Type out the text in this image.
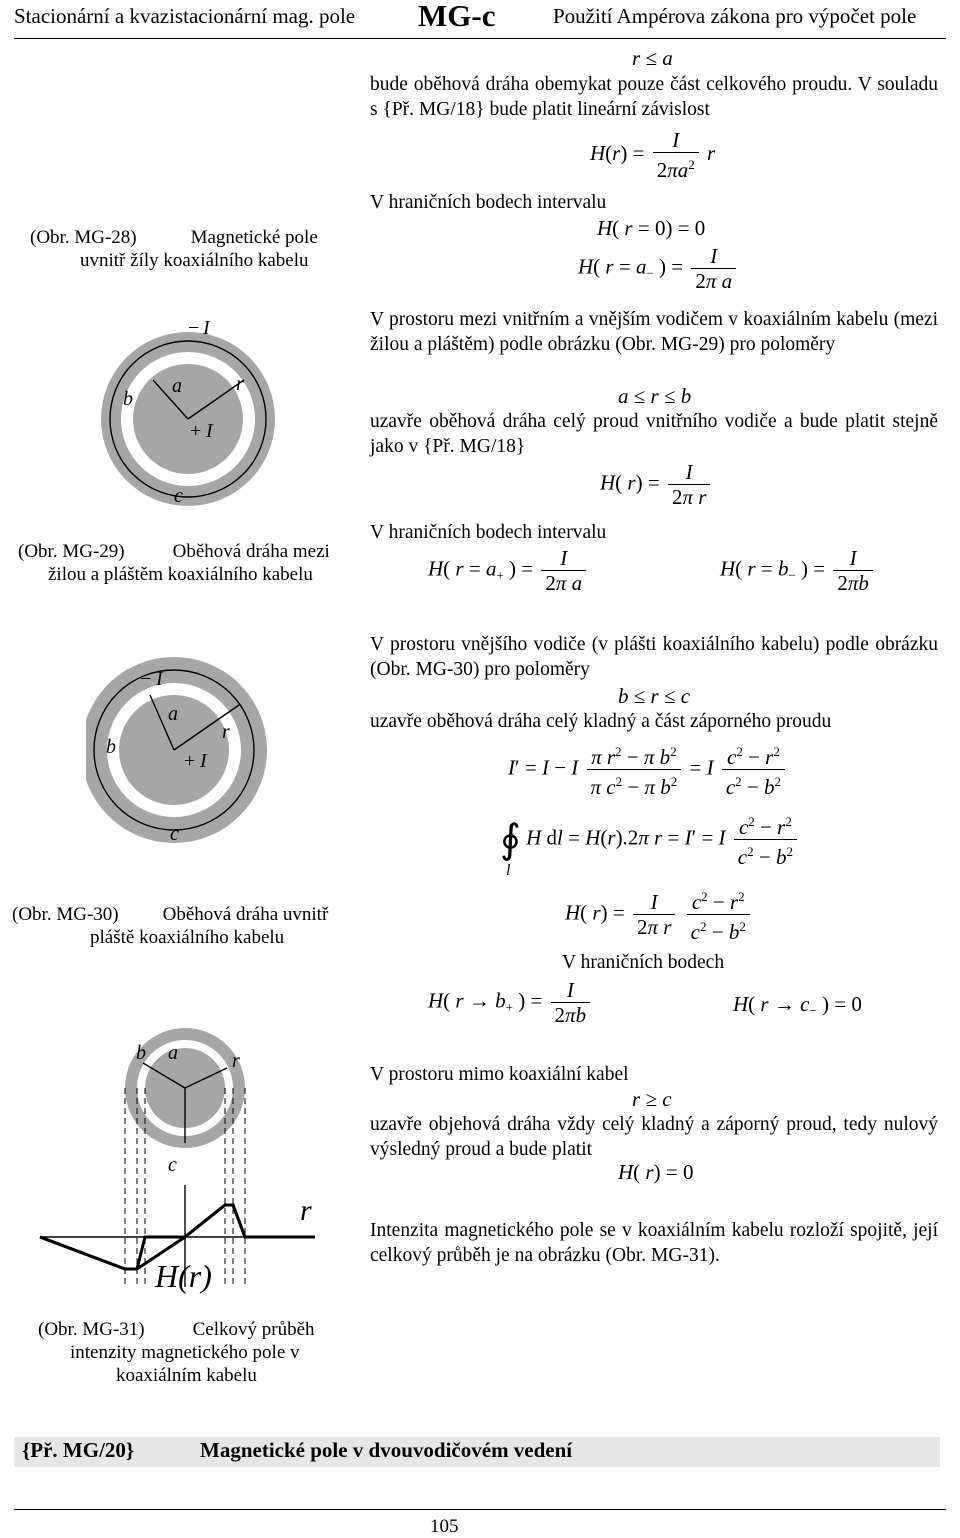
Stacionární a kvazistacionární mag. pole MG-c	Použití Ampérova zákona pro výpočet pole
(Obr. MG-28)	Magnetické pole
uvnitř žíly koaxiálního kabelu
a
b
r
c
− I
+ I
(Obr. MG-29)	Oběhová dráha mezi
žilou a pláštěm koaxiálního kabelu
a
b
r
c
− I
+ I
(Obr. MG-30) Oběhová dráha uvnitř
pláště koaxiálního kabelu
b a	r
c
r
H(r)
(Obr. MG-31)	Celkový průběh
intenzity magnetického pole v
koaxiálním kabelu
r ≤ a
bude oběhová dráha obemykat pouze část celkového proudu. V souladu s {Př. MG/18} bude platit lineární závislost
$H(r) = \frac{I}{2\pi a^2}$ r
V hraničních bodech intervalu
H( r = 0) = 0
H( $r = a_-$ ) = $\frac{I}{\text{2π a}}$
V prostoru mezi vnitřním a vnějším vodičem v koaxiálním kabelu (mezi žilou a pláštěm) podle obrázku (Obr. MG-29) pro poloměry
a ≤ r ≤ b
uzavře oběhová dráha celý proud vnitřního vodiče a bude platit stejně jako v {Př. MG/18}
H( $r) = \frac{I}{\text{2π r}}$
V hraničních bodech intervalu
H( $r = a_+$ ) = $\frac{I}{\text{2π a}}$	H( $r = b_-$ ) = $\frac{I}{2\pi b}$
V prostoru vnějšího vodiče (v plášti koaxiálního kabelu) podle obrázku (Obr. MG-30) pro poloměry
b ≤ r ≤ c
uzavře oběhová dráha celý kladný a část záporného proudu
I′ = I − I $\frac{\pi r^2 - \pi b^2}{\pi c^2 - \pi b^2} = I \frac{c^2 - r^2}{c^2 - b^2}$
∮ H dl = H(r).2π r = I′ = I $\frac{c^2 - r^2}{c^2 - b^2}$
l
H( $r) = \frac{I}{\text{2π r}}$
$\frac{c^2 - r^2}{c^2 - b^2}$
V hraničních bodech
H( $r \to b_+$ ) = $\frac{I}{2\pi b}$	H( $r \to c_-$ ) = 0
V prostoru mimo koaxiální kabel
r ≥ c
uzavře objehová dráha vždy celý kladný a záporný proud, tedy nulový výsledný proud a bude platit
H( r) = 0
Intenzita magnetického pole se v koaxiálním kabelu rozloží spojitě, její celkový průběh je na obrázku (Obr. MG-31).
{Př. MG/20}	Magnetické pole v dvouvodičovém vedení
105
